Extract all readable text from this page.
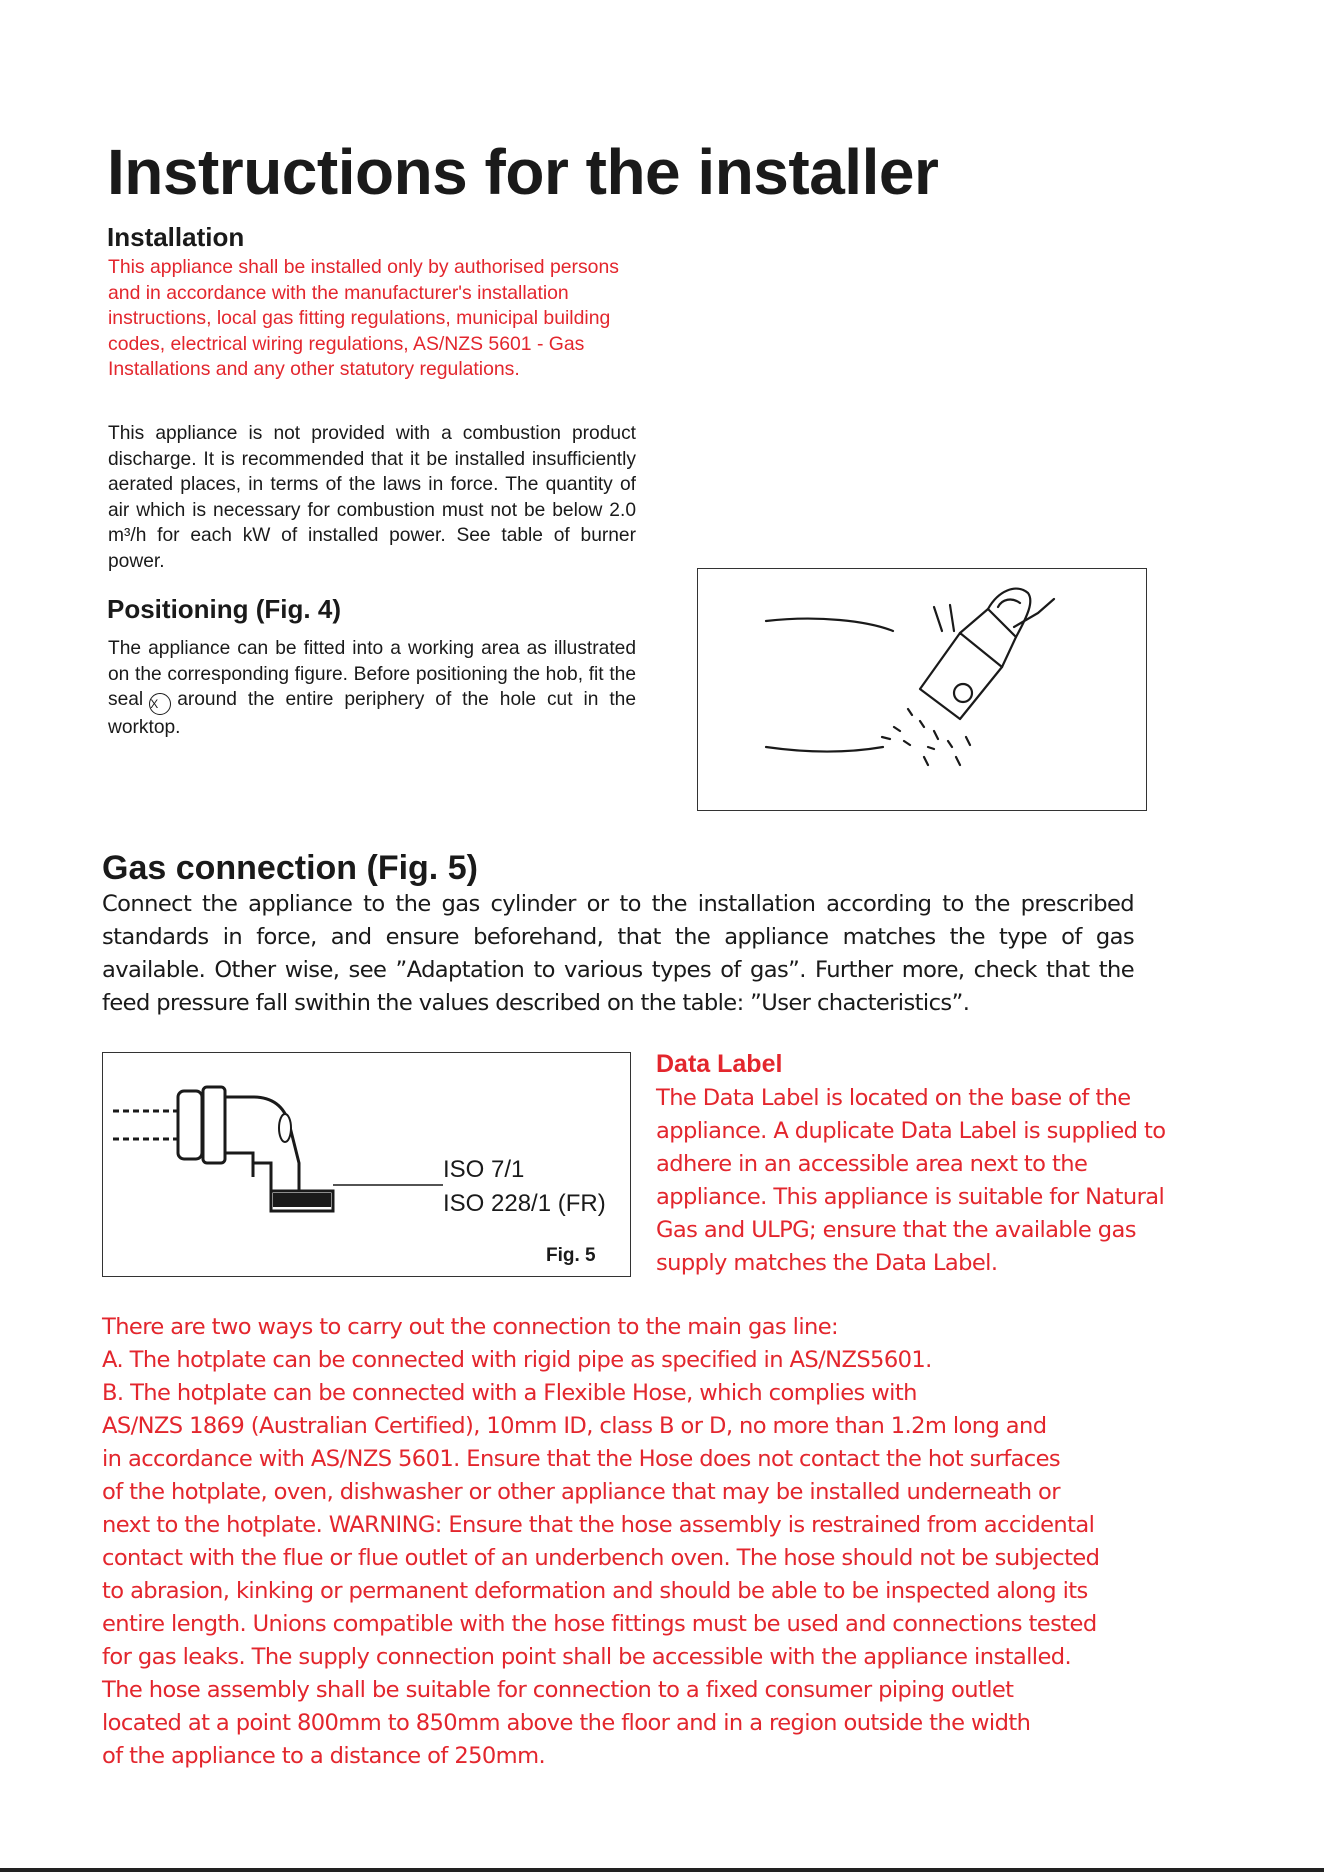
Instructions for the installer
Installation

This appliance shall be installed only by authorised persons and in accordance with the manufacturer's installation instructions, local gas fitting regulations, municipal building codes, electrical wiring regulations, AS/NZS 5601 - Gas Installations and any other statutory regulations.

This appliance is not provided with a combustion product discharge. It is recommended that it be installed insufficiently aerated places, in terms of the laws in force. The quantity of air which is necessary for combustion must not be below 2.0 m³/h for each kW of installed power. See table of burner power.

Positioning (Fig. 4)

The appliance can be fitted into a working area as illustrated on the corresponding figure. Before positioning the hob, fit the seal X around the entire periphery of the hole cut in the worktop.

Gas connection (Fig. 5)

Connect the appliance to the gas cylinder or to the installation according to the prescribed standards in force, and ensure beforehand, that the appliance matches the type of gas available. Other wise, see ”Adaptation to various types of gas”. Further more, check that the feed pressure fall swithin the values described on the table: ”User chacteristics”.

ISO 7/1
ISO 228/1 (FR)
Fig. 5
Data Label

The Data Label is located on the base of the appliance. A duplicate Data Label is supplied to adhere in an accessible area next to the appliance. This appliance is suitable for Natural Gas and ULPG; ensure that the available gas supply matches the Data Label.

There are two ways to carry out the connection to the main gas line:
A. The hotplate can be connected with rigid pipe as specified in AS/NZS5601.
B. The hotplate can be connected with a Flexible Hose, which complies with
AS/NZS 1869 (Australian Certified), 10mm ID, class B or D, no more than 1.2m long and
in accordance with AS/NZS 5601. Ensure that the Hose does not contact the hot surfaces
of the hotplate, oven, dishwasher or other appliance that may be installed underneath or
next to the hotplate. WARNING: Ensure that the hose assembly is restrained from accidental
contact with the flue or flue outlet of an underbench oven. The hose should not be subjected
to abrasion, kinking or permanent deformation and should be able to be inspected along its
entire length. Unions compatible with the hose fittings must be used and connections tested
for gas leaks. The supply connection point shall be accessible with the appliance installed.
The hose assembly shall be suitable for connection to a fixed consumer piping outlet
located at a point 800mm to 850mm above the floor and in a region outside the width
of the appliance to a distance of 250mm.
